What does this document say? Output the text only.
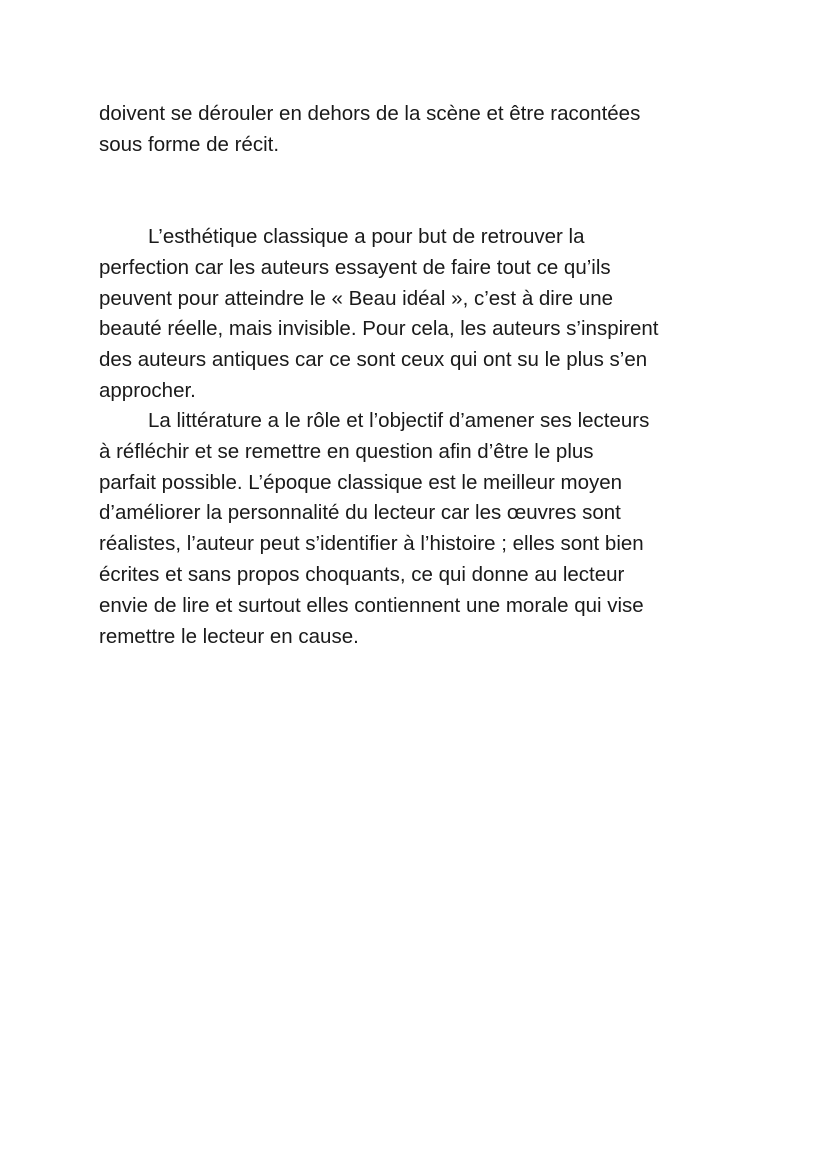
doivent se dérouler en dehors de la scène et être racontées
sous forme de récit.
L’esthétique classique a pour but de retrouver la
perfection car les auteurs essayent de faire tout ce qu’ils
peuvent pour atteindre le « Beau idéal », c’est à dire une
beauté réelle, mais invisible. Pour cela, les auteurs s’inspirent
des auteurs antiques car ce sont ceux qui ont su le plus s’en
approcher.
La littérature a le rôle et l’objectif d’amener ses lecteurs
à réfléchir et se remettre en question afin d’être le plus
parfait possible. L’époque classique est le meilleur moyen
d’améliorer la personnalité du lecteur car les œuvres sont
réalistes, l’auteur peut s’identifier à l’histoire ; elles sont bien
écrites et sans propos choquants, ce qui donne au lecteur
envie de lire et surtout elles contiennent une morale qui vise
remettre le lecteur en cause.
